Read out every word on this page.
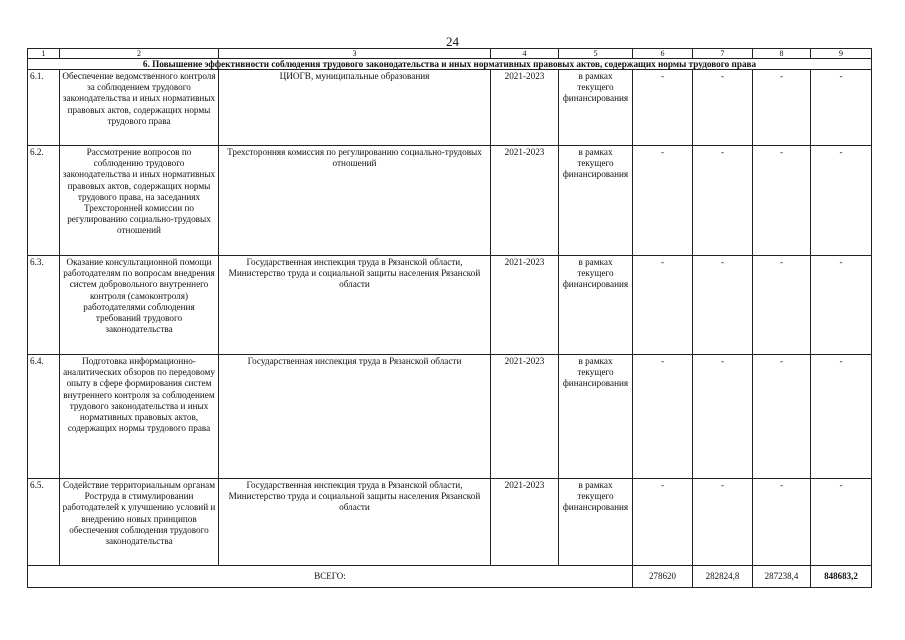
24
1	2	3	4	5	6	7	8	9
6. Повышение эффективности соблюдения трудового законодательства и иных нормативных правовых актов, содержащих нормы трудового права								
6.1.	Обеспечение ведомственного контроля за соблюдением трудового законодательства и иных нормативных правовых актов, содержащих нормы трудового права	ЦИОГВ, муниципальные образования	2021-2023	в рамках текущего финансирования	-	-	-	-
6.2.	Рассмотрение вопросов по соблюдению трудового законодательства и иных нормативных правовых актов, содержащих нормы трудового права, на заседаниях Трехсторонней комиссии по регулированию социально-трудовых отношений	Трехсторонняя комиссия по регулированию социально-трудовых отношений	2021-2023	в рамках текущего финансирования	-	-	-	-
6.3.	Оказание консультационной помощи работодателям по вопросам внедрения систем добровольного внутреннего контроля (самоконтроля) работодателями соблюдения требований трудового законодательства	Государственная инспекция труда в Рязанской области, Министерство труда и социальной защиты населения Рязанской области	2021-2023	в рамках текущего финансирования	-	-	-	-
6.4.	Подготовка информационно-аналитических обзоров по передовому опыту в сфере формирования систем внутреннего контроля за соблюдением трудового законодательства и иных нормативных правовых актов, содержащих нормы трудового права	Государственная инспекция труда в Рязанской области	2021-2023	в рамках текущего финансирования	-	-	-	-
6.5.	Содействие территориальным органам Роструда в стимулировании работодателей к улучшению условий и внедрению новых принципов обеспечения соблюдения трудового законодательства	Государственная инспекция труда в Рязанской области, Министерство труда и социальной защиты населения Рязанской области	2021-2023	в рамках текущего финансирования	-	-	-	-
ВСЕГО:					278620	282824,8	287238,4	848683,2
